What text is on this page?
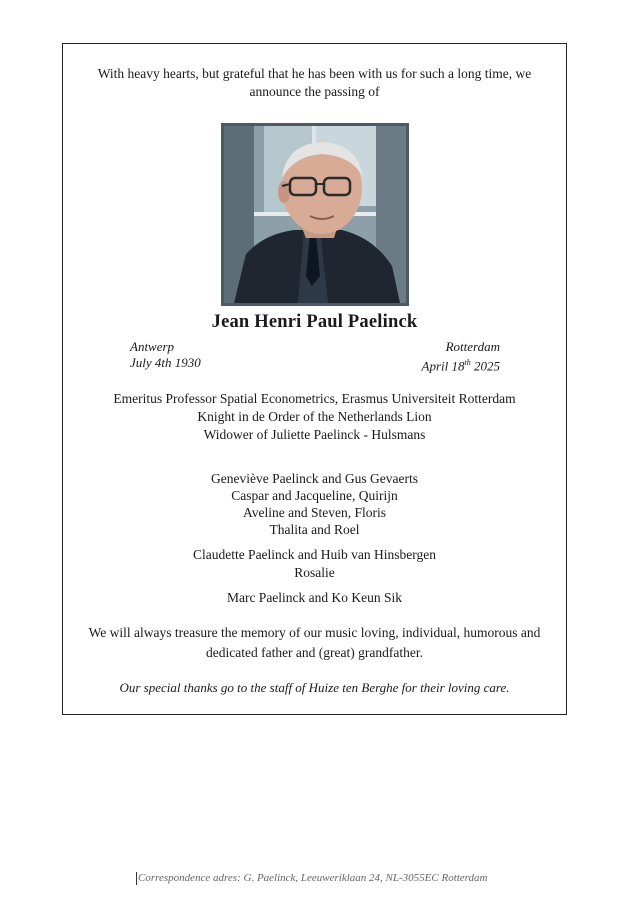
With heavy hearts, but grateful that he has been with us for such a long time, we
announce the passing of
Jean Henri Paul Paelinck
Antwerp
July 4th 1930
Rotterdam
April 18th 2025
Emeritus Professor Spatial Econometrics, Erasmus Universiteit Rotterdam
Knight in de Order of the Netherlands Lion
Widower of Juliette Paelinck - Hulsmans
Geneviève Paelinck and Gus Gevaerts
Caspar and Jacqueline, Quirijn
Aveline and Steven, Floris
Thalita and Roel
Claudette Paelinck and Huib van Hinsbergen
Rosalie
Marc Paelinck and Ko Keun Sik
We will always treasure the memory of our music loving, individual, humorous and
dedicated father and (great) grandfather.
Our special thanks go to the staff of Huize ten Berghe for their loving care.
Correspondence adres: G. Paelinck, Leeuweriklaan 24, NL-3055EC Rotterdam
